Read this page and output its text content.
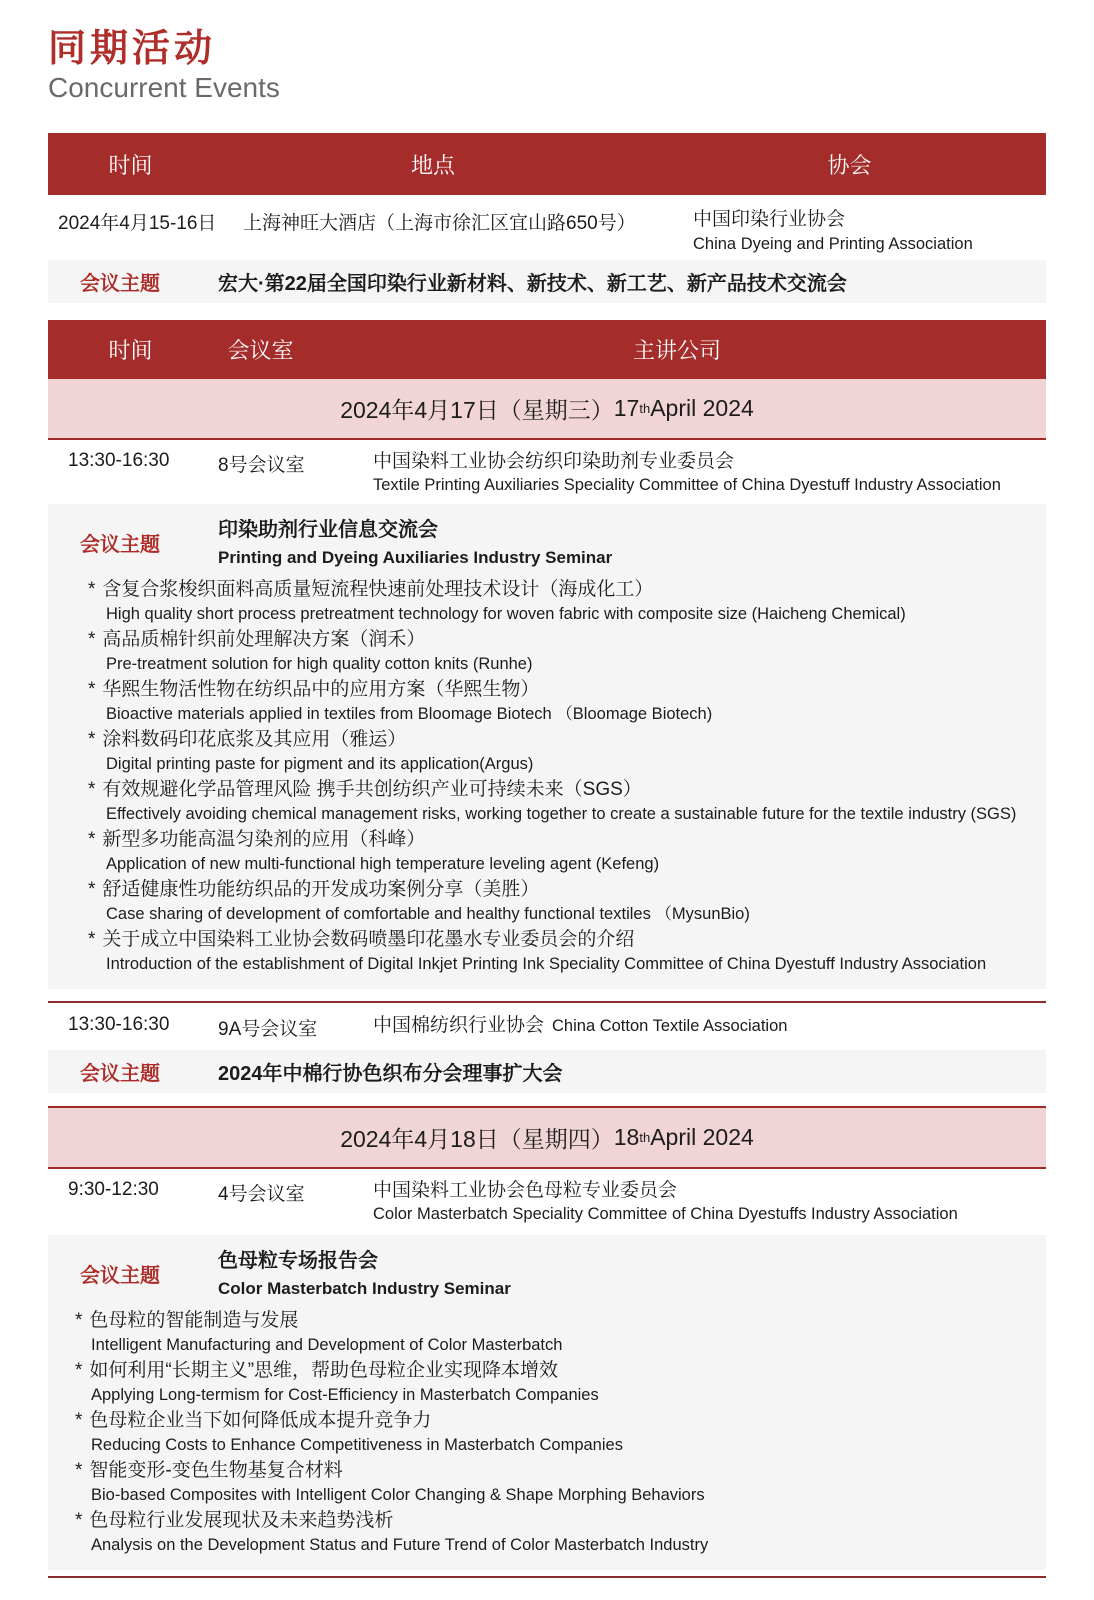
同期活动
Concurrent Events
时间	地点	协会
2024年4月15-16日	上海神旺大酒店（上海市徐汇区宜山路650号）	中国印染行业协会
China Dyeing and Printing Association
会议主题	宏大·第22届全国印染行业新材料、新技术、新工艺、新产品技术交流会
时间	会议室	主讲公司
2024年4月17日（星期三） 17 th April 2024
13:30-16:30	8号会议室	中国染料工业协会纺织印染助剂专业委员会
Textile Printing Auxiliaries Speciality Committee of China Dyestuff Industry Association
会议主题
印染助剂行业信息交流会
Printing and Dyeing Auxiliaries Industry Seminar
* 含复合浆梭织面料高质量短流程快速前处理技术设计（海成化工）
High quality short process pretreatment technology for woven fabric with composite size (Haicheng Chemical)
* 高品质棉针织前处理解决方案（润禾）
Pre-treatment solution for high quality cotton knits (Runhe)
* 华熙生物活性物在纺织品中的应用方案（华熙生物）
Bioactive materials applied in textiles from Bloomage Biotech （Bloomage Biotech)
* 涂料数码印花底浆及其应用（雅运）
Digital printing paste for pigment and its application(Argus)
* 有效规避化学品管理风险 携手共创纺织产业可持续未来（SGS）
Effectively avoiding chemical management risks, working together to create a sustainable future for the textile industry (SGS)
* 新型多功能高温匀染剂的应用（科峰）
Application of new multi-functional high temperature leveling agent (Kefeng)
* 舒适健康性功能纺织品的开发成功案例分享（美胜）
Case sharing of development of comfortable and healthy functional textiles （MysunBio)
* 关于成立中国染料工业协会数码喷墨印花墨水专业委员会的介绍
Introduction of the establishment of Digital Inkjet Printing Ink Speciality Committee of China Dyestuff Industry Association
13:30-16:30	9A号会议室	中国棉纺织行业协会 China Cotton Textile Association
会议主题	2024年中棉行协色织布分会理事扩大会
2024年4月18日（星期四） 18 th April 2024
9:30-12:30	4号会议室	中国染料工业协会色母粒专业委员会
Color Masterbatch Speciality Committee of China Dyestuffs Industry Association
会议主题
色母粒专场报告会
Color Masterbatch Industry Seminar
* 色母粒的智能制造与发展
Intelligent Manufacturing and Development of Color Masterbatch
* 如何利用“长期主义”思维，帮助色母粒企业实现降本增效
Applying Long-termism for Cost-Efficiency in Masterbatch Companies
* 色母粒企业当下如何降低成本提升竞争力
Reducing Costs to Enhance Competitiveness in Masterbatch Companies
* 智能变形-变色生物基复合材料
Bio-based Composites with Intelligent Color Changing & Shape Morphing Behaviors
* 色母粒行业发展现状及未来趋势浅析
Analysis on the Development Status and Future Trend of Color Masterbatch Industry
